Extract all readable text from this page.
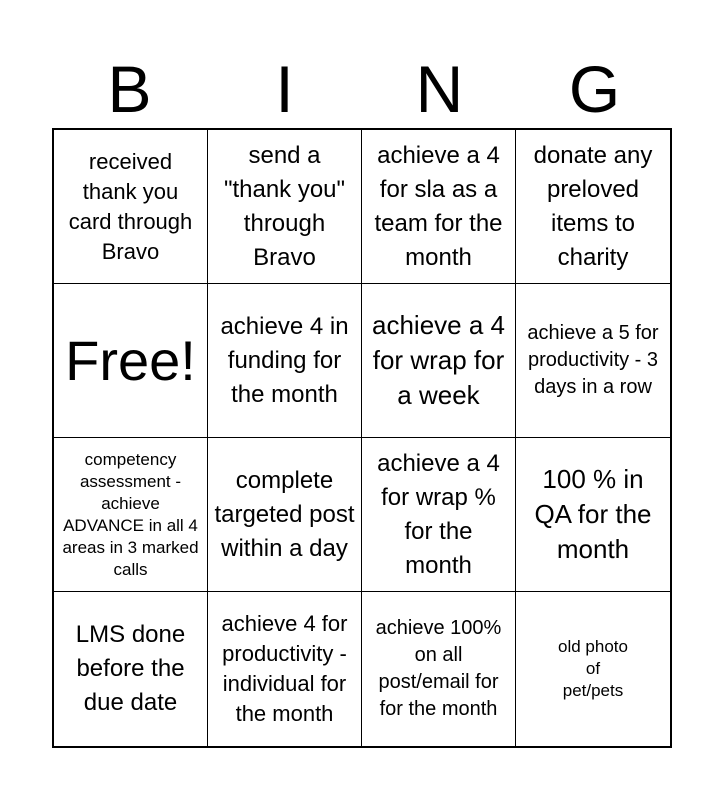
B	I	N	G
received thank you card through Bravo
send a "thank you" through Bravo
achieve a 4 for sla as a team for the month
donate any preloved items to charity
Free!
achieve 4 in funding for the month
achieve a 4 for wrap for a week
achieve a 5 for productivity - 3 days in a row
competency assessment - achieve ADVANCE in all 4 areas in 3 marked calls
complete targeted post within a day
achieve a 4 for wrap % for the month
100 % in QA for the month
LMS done before the due date
achieve 4 for productivity - individual for the month
achieve 100% on all post/email for for the month
old photo of pet/pets
